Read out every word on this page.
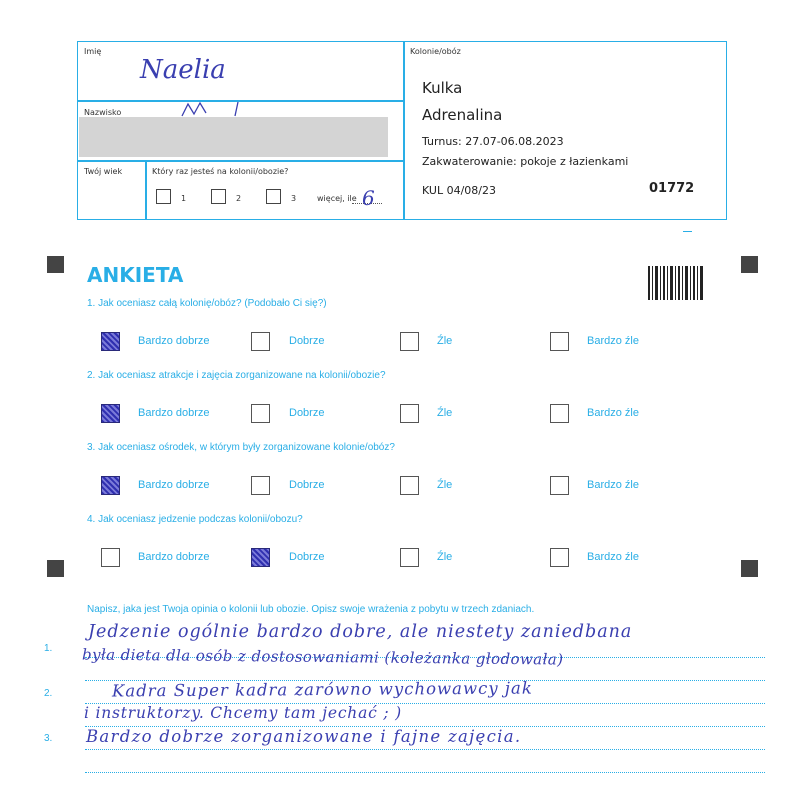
Imię
Naelia
Nazwisko
Twój wiek	Który raz jesteś na kolonii/obozie?
1	2	3	więcej, ile 6
Kolonie/obóz
Kulka
Adrenalina
Turnus: 27.07-06.08.2023
Zakwaterowanie: pokoje z łazienkami
KUL 04/08/23	01772
ANKIETA
1. Jak oceniasz całą kolonię/obóz? (Podobało Ci się?)
Bardzo dobrze	Dobrze	Źle	Bardzo źle
2. Jak oceniasz atrakcje i zajęcia zorganizowane na kolonii/obozie?
Bardzo dobrze	Dobrze	Źle	Bardzo źle
3. Jak oceniasz ośrodek, w którym były zorganizowane kolonie/obóz?
Bardzo dobrze	Dobrze	Źle	Bardzo źle
4. Jak oceniasz jedzenie podczas kolonii/obozu?
Bardzo dobrze	Dobrze	Źle	Bardzo źle
Napisz, jaka jest Twoja opinia o kolonii lub obozie. Opisz swoje wrażenia z pobytu w trzech zdaniach.
1.
2.
3.
Jedzenie ogólnie bardzo dobre, ale niestety zaniedbana
była dieta dla osób z dostosowaniami (koleżanka głodowała)
Kadra Super kadra zarówno wychowawcy jak
i instruktorzy. Chcemy tam jechać ; )
Bardzo dobrze zorganizowane i fajne zajęcia.
